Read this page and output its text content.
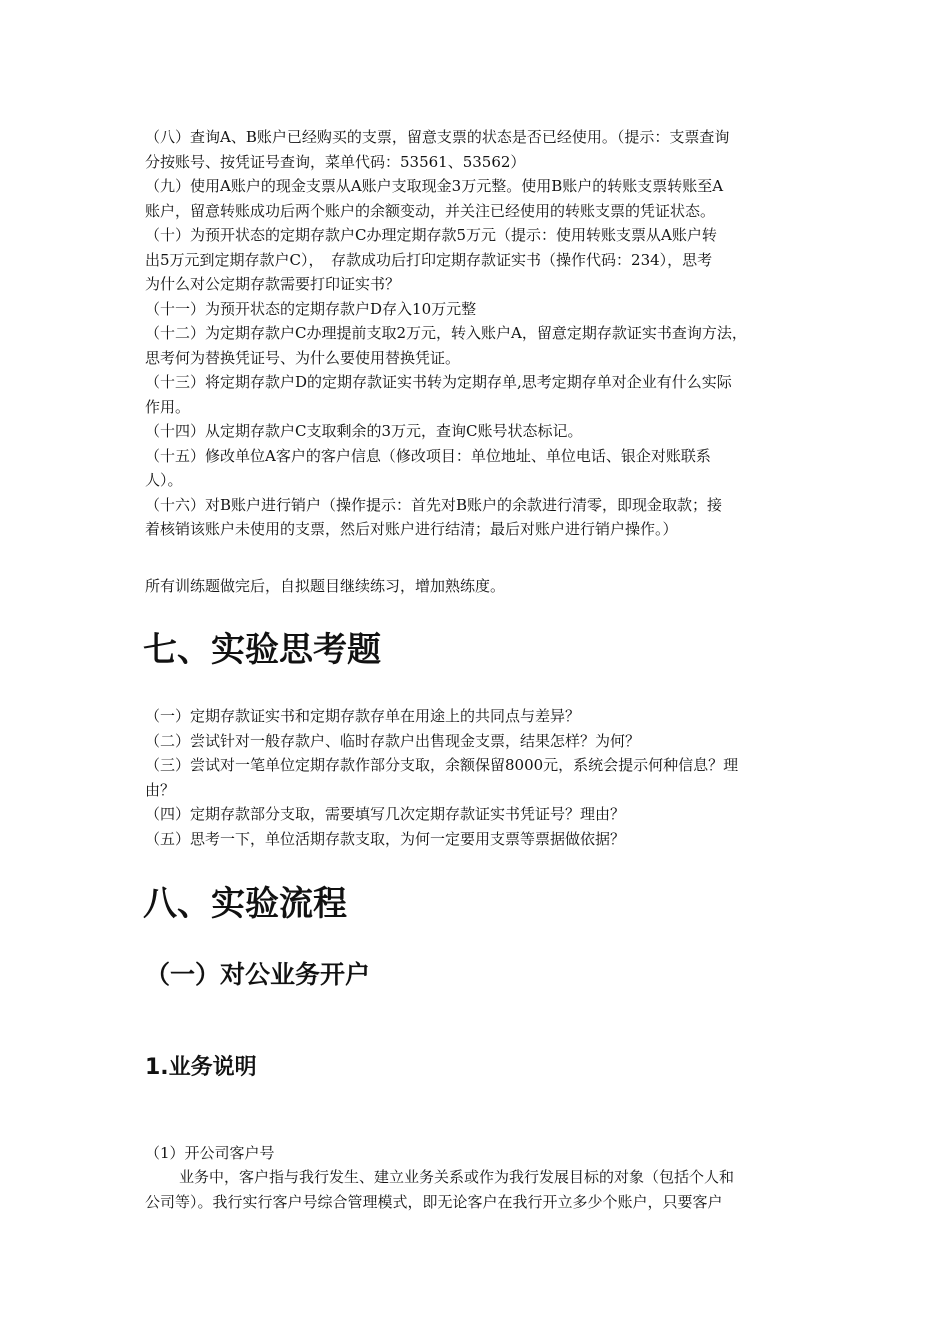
（八）查询A、B账户已经购买的支票，留意支票的状态是否已经使用。（提示：支票查询
分按账号、按凭证号查询，菜单代码：53561、53562）
（九）使用A账户的现金支票从A账户支取现金3万元整。使用B账户的转账支票转账至A
账户，留意转账成功后两个账户的余额变动，并关注已经使用的转账支票的凭证状态。
（十）为预开状态的定期存款户C办理定期存款5万元（提示：使用转账支票从A账户转
出5万元到定期存款户C），　存款成功后打印定期存款证实书（操作代码：234），思考
为什么对公定期存款需要打印证实书？
（十一）为预开状态的定期存款户D存入10万元整
（十二）为定期存款户C办理提前支取2万元，转入账户A，留意定期存款证实书查询方法，
思考何为替换凭证号、为什么要使用替换凭证。
（十三）将定期存款户D的定期存款证实书转为定期存单,思考定期存单对企业有什么实际
作用。
（十四）从定期存款户C支取剩余的3万元，查询C账号状态标记。
（十五）修改单位A客户的客户信息（修改项目：单位地址、单位电话、银企对账联系
人）。
（十六）对B账户进行销户（操作提示：首先对B账户的余款进行清零，即现金取款；接
着核销该账户未使用的支票，然后对账户进行结清；最后对账户进行销户操作。）

所有训练题做完后，自拟题目继续练习，增加熟练度。

七、实验思考题
（一）定期存款证实书和定期存款存单在用途上的共同点与差异？
（二）尝试针对一般存款户、临时存款户出售现金支票，结果怎样？为何？
（三）尝试对一笔单位定期存款作部分支取，余额保留8000元，系统会提示何种信息？理
由？
（四）定期存款部分支取，需要填写几次定期存款证实书凭证号？理由？
（五）思考一下，单位活期存款支取，为何一定要用支票等票据做依据？
八、实验流程
（一）对公业务开户
1.业务说明

（1）开公司客户号

业务中，客户指与我行发生、建立业务关系或作为我行发展目标的对象（包括个人和
公司等）。我行实行客户号综合管理模式，即无论客户在我行开立多少个账户，只要客户
